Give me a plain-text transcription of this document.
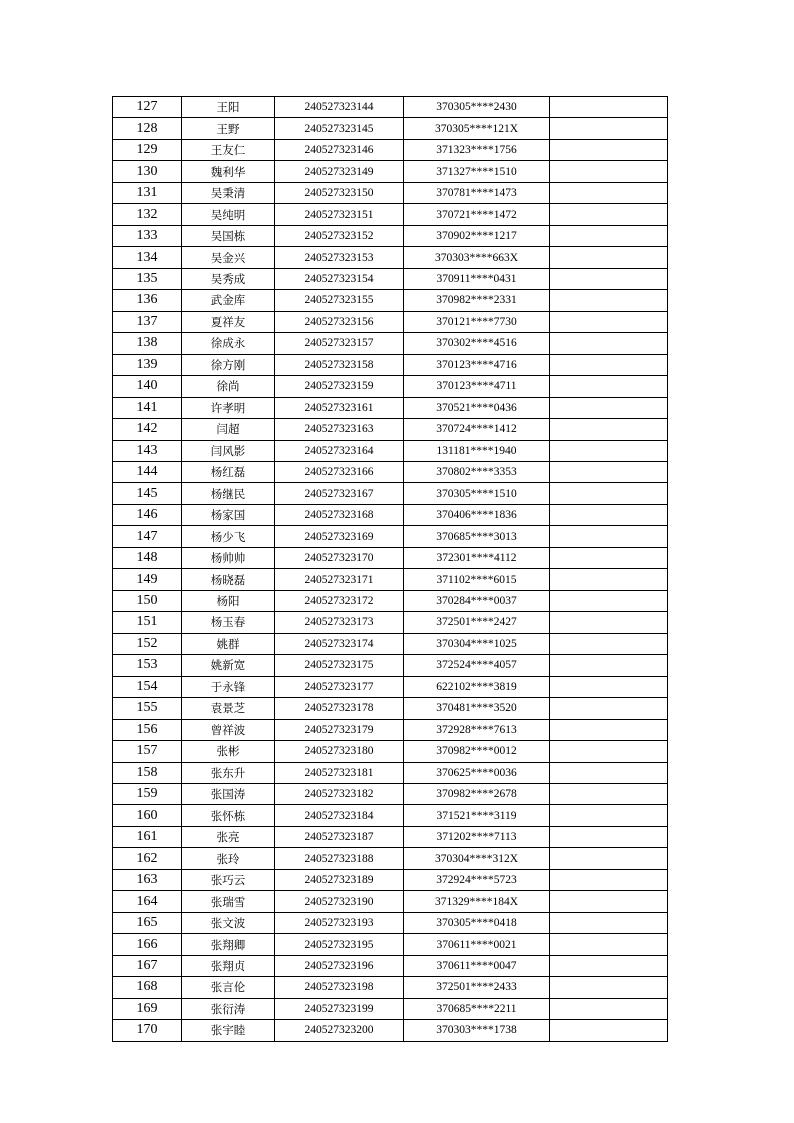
127	王阳	240527323144	370305****2430	
128	王野	240527323145	370305****121X	
129	王友仁	240527323146	371323****1756	
130	魏利华	240527323149	371327****1510	
131	吴秉清	240527323150	370781****1473	
132	吴纯明	240527323151	370721****1472	
133	吴国栋	240527323152	370902****1217	
134	吴金兴	240527323153	370303****663X	
135	吴秀成	240527323154	370911****0431	
136	武金库	240527323155	370982****2331	
137	夏祥友	240527323156	370121****7730	
138	徐成永	240527323157	370302****4516	
139	徐方刚	240527323158	370123****4716	
140	徐尚	240527323159	370123****4711	
141	许孝明	240527323161	370521****0436	
142	闫超	240527323163	370724****1412	
143	闫风影	240527323164	131181****1940	
144	杨红磊	240527323166	370802****3353	
145	杨继民	240527323167	370305****1510	
146	杨家国	240527323168	370406****1836	
147	杨少飞	240527323169	370685****3013	
148	杨帅帅	240527323170	372301****4112	
149	杨晓磊	240527323171	371102****6015	
150	杨阳	240527323172	370284****0037	
151	杨玉春	240527323173	372501****2427	
152	姚群	240527323174	370304****1025	
153	姚新宽	240527323175	372524****4057	
154	于永锋	240527323177	622102****3819	
155	袁景芝	240527323178	370481****3520	
156	曾祥波	240527323179	372928****7613	
157	张彬	240527323180	370982****0012	
158	张东升	240527323181	370625****0036	
159	张国涛	240527323182	370982****2678	
160	张怀栋	240527323184	371521****3119	
161	张亮	240527323187	371202****7113	
162	张玲	240527323188	370304****312X	
163	张巧云	240527323189	372924****5723	
164	张瑞雪	240527323190	371329****184X	
165	张文波	240527323193	370305****0418	
166	张翔卿	240527323195	370611****0021	
167	张翔贞	240527323196	370611****0047	
168	张言伦	240527323198	372501****2433	
169	张衍涛	240527323199	370685****2211	
170	张宇睦	240527323200	370303****1738	
